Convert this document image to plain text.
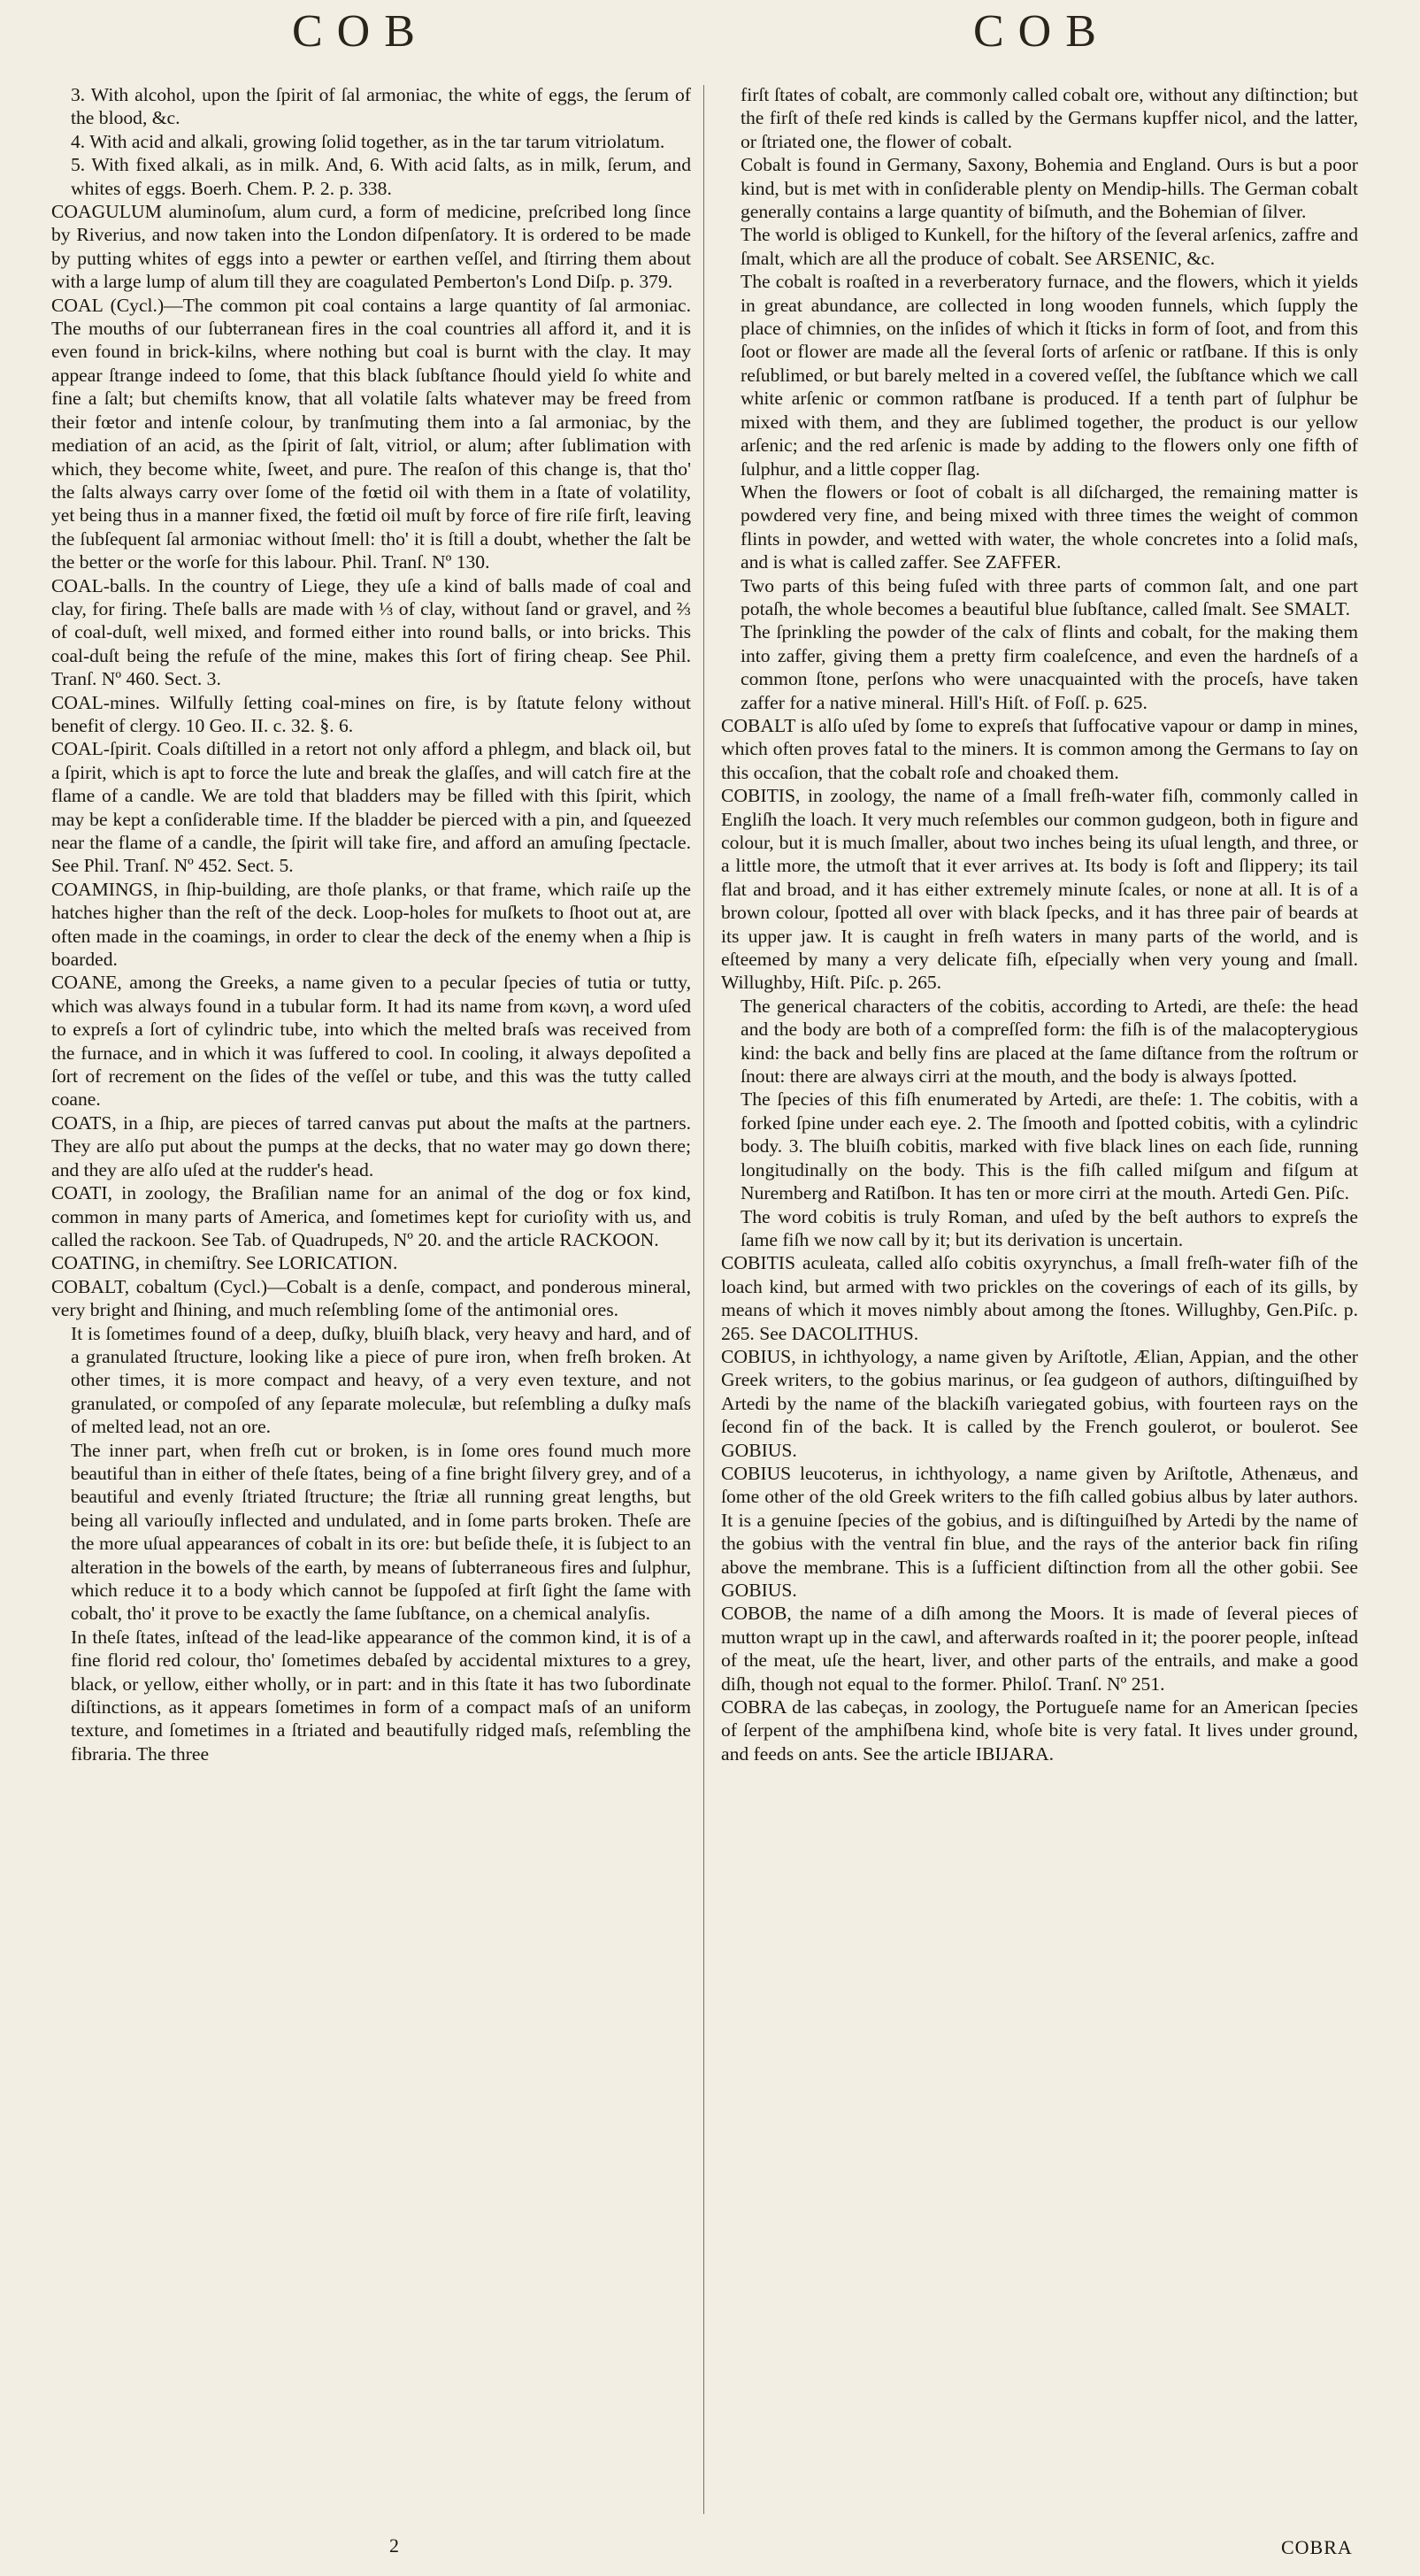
COB	COB

3. With alcohol, upon the ſpirit of ſal armoniac, the white of eggs, the ſerum of the blood, &c.

4. With acid and alkali, growing ſolid together, as in the tar tarum vitriolatum.

5. With fixed alkali, as in milk. And, 6. With acid ſalts, as in milk, ſerum, and whites of eggs. Boerh. Chem. P. 2. p. 338.

COAGULUM aluminoſum, alum curd, a form of medicine, preſcribed long ſince by Riverius, and now taken into the London diſpenſatory. It is ordered to be made by putting whites of eggs into a pewter or earthen veſſel, and ſtirring them about with a large lump of alum till they are coagulated Pemberton's Lond Diſp. p. 379.

COAL (Cycl.)—The common pit coal contains a large quantity of ſal armoniac. The mouths of our ſubterranean fires in the coal countries all afford it, and it is even found in brick-kilns, where nothing but coal is burnt with the clay. It may appear ſtrange indeed to ſome, that this black ſubſtance ſhould yield ſo white and fine a ſalt; but chemiſts know, that all volatile ſalts whatever may be freed from their fœtor and intenſe colour, by tranſmuting them into a ſal armoniac, by the mediation of an acid, as the ſpirit of ſalt, vitriol, or alum; after ſublimation with which, they become white, ſweet, and pure. The reaſon of this change is, that tho' the ſalts always carry over ſome of the fœtid oil with them in a ſtate of volatility, yet being thus in a manner fixed, the fœtid oil muſt by force of fire riſe firſt, leaving the ſubſequent ſal armoniac without ſmell: tho' it is ſtill a doubt, whether the ſalt be the better or the worſe for this labour. Phil. Tranſ. Nº 130.

COAL-balls. In the country of Liege, they uſe a kind of balls made of coal and clay, for firing. Theſe balls are made with ⅓ of clay, without ſand or gravel, and ⅔ of coal-duſt, well mixed, and formed either into round balls, or into bricks. This coal-duſt being the refuſe of the mine, makes this ſort of firing cheap. See Phil. Tranſ. Nº 460. Sect. 3.

COAL-mines. Wilfully ſetting coal-mines on fire, is by ſtatute felony without benefit of clergy. 10 Geo. II. c. 32. §. 6.

COAL-ſpirit. Coals diſtilled in a retort not only afford a phlegm, and black oil, but a ſpirit, which is apt to force the lute and break the glaſſes, and will catch fire at the flame of a candle. We are told that bladders may be filled with this ſpirit, which may be kept a conſiderable time. If the bladder be pierced with a pin, and ſqueezed near the flame of a candle, the ſpirit will take fire, and afford an amuſing ſpectacle. See Phil. Tranſ. Nº 452. Sect. 5.

COAMINGS, in ſhip-building, are thoſe planks, or that frame, which raiſe up the hatches higher than the reſt of the deck. Loop-holes for muſkets to ſhoot out at, are often made in the coamings, in order to clear the deck of the enemy when a ſhip is boarded.

COANE, among the Greeks, a name given to a pecular ſpecies of tutia or tutty, which was always found in a tubular form. It had its name from κωνη, a word uſed to expreſs a ſort of cylindric tube, into which the melted braſs was received from the furnace, and in which it was ſuffered to cool. In cooling, it always depoſited a ſort of recrement on the ſides of the veſſel or tube, and this was the tutty called coane.

COATS, in a ſhip, are pieces of tarred canvas put about the maſts at the partners. They are alſo put about the pumps at the decks, that no water may go down there; and they are alſo uſed at the rudder's head.

COATI, in zoology, the Braſilian name for an animal of the dog or fox kind, common in many parts of America, and ſometimes kept for curioſity with us, and called the rackoon. See Tab. of Quadrupeds, Nº 20. and the article RACKOON.

COATING, in chemiſtry. See LORICATION.

COBALT, cobaltum (Cycl.)—Cobalt is a denſe, compact, and ponderous mineral, very bright and ſhining, and much reſembling ſome of the antimonial ores.

It is ſometimes found of a deep, duſky, bluiſh black, very heavy and hard, and of a granulated ſtructure, looking like a piece of pure iron, when freſh broken. At other times, it is more compact and heavy, of a very even texture, and not granulated, or compoſed of any ſeparate moleculæ, but reſembling a duſky maſs of melted lead, not an ore.

The inner part, when freſh cut or broken, is in ſome ores found much more beautiful than in either of theſe ſtates, being of a fine bright ſilvery grey, and of a beautiful and evenly ſtriated ſtructure; the ſtriæ all running great lengths, but being all variouſly inflected and undulated, and in ſome parts broken. Theſe are the more uſual appearances of cobalt in its ore: but beſide theſe, it is ſubject to an alteration in the bowels of the earth, by means of ſubterraneous fires and ſulphur, which reduce it to a body which cannot be ſuppoſed at firſt ſight the ſame with cobalt, tho' it prove to be exactly the ſame ſubſtance, on a chemical analyſis.

In theſe ſtates, inſtead of the lead-like appearance of the common kind, it is of a fine florid red colour, tho' ſometimes debaſed by accidental mixtures to a grey, black, or yellow, either wholly, or in part: and in this ſtate it has two ſubordinate diſtinctions, as it appears ſometimes in form of a compact maſs of an uniform texture, and ſometimes in a ſtriated and beautifully ridged maſs, reſembling the fibraria. The three

firſt ſtates of cobalt, are commonly called cobalt ore, without any diſtinction; but the firſt of theſe red kinds is called by the Germans kupffer nicol, and the latter, or ſtriated one, the flower of cobalt.

Cobalt is found in Germany, Saxony, Bohemia and England. Ours is but a poor kind, but is met with in conſiderable plenty on Mendip-hills. The German cobalt generally contains a large quantity of biſmuth, and the Bohemian of ſilver.

The world is obliged to Kunkell, for the hiſtory of the ſeveral arſenics, zaffre and ſmalt, which are all the produce of cobalt. See ARSENIC, &c.

The cobalt is roaſted in a reverberatory furnace, and the flowers, which it yields in great abundance, are collected in long wooden funnels, which ſupply the place of chimnies, on the inſides of which it ſticks in form of ſoot, and from this ſoot or flower are made all the ſeveral ſorts of arſenic or ratſbane. If this is only reſublimed, or but barely melted in a covered veſſel, the ſubſtance which we call white arſenic or common ratſbane is produced. If a tenth part of ſulphur be mixed with them, and they are ſublimed together, the product is our yellow arſenic; and the red arſenic is made by adding to the flowers only one fifth of ſulphur, and a little copper ſlag.

When the flowers or ſoot of cobalt is all diſcharged, the remaining matter is powdered very fine, and being mixed with three times the weight of common flints in powder, and wetted with water, the whole concretes into a ſolid maſs, and is what is called zaffer. See ZAFFER.

Two parts of this being fuſed with three parts of common ſalt, and one part potaſh, the whole becomes a beautiful blue ſubſtance, called ſmalt. See SMALT.

The ſprinkling the powder of the calx of flints and cobalt, for the making them into zaffer, giving them a pretty firm coaleſcence, and even the hardneſs of a common ſtone, perſons who were unacquainted with the proceſs, have taken zaffer for a native mineral. Hill's Hiſt. of Foſſ. p. 625.

COBALT is alſo uſed by ſome to expreſs that ſuffocative vapour or damp in mines, which often proves fatal to the miners. It is common among the Germans to ſay on this occaſion, that the cobalt roſe and choaked them.

COBITIS, in zoology, the name of a ſmall freſh-water fiſh, commonly called in Engliſh the loach. It very much reſembles our common gudgeon, both in figure and colour, but it is much ſmaller, about two inches being its uſual length, and three, or a little more, the utmoſt that it ever arrives at. Its body is ſoft and ſlippery; its tail flat and broad, and it has either extremely minute ſcales, or none at all. It is of a brown colour, ſpotted all over with black ſpecks, and it has three pair of beards at its upper jaw. It is caught in freſh waters in many parts of the world, and is eſteemed by many a very delicate fiſh, eſpecially when very young and ſmall. Willughby, Hiſt. Piſc. p. 265.

The generical characters of the cobitis, according to Artedi, are theſe: the head and the body are both of a compreſſed form: the fiſh is of the malacopterygious kind: the back and belly fins are placed at the ſame diſtance from the roſtrum or ſnout: there are always cirri at the mouth, and the body is always ſpotted.

The ſpecies of this fiſh enumerated by Artedi, are theſe: 1. The cobitis, with a forked ſpine under each eye. 2. The ſmooth and ſpotted cobitis, with a cylindric body. 3. The bluiſh cobitis, marked with five black lines on each ſide, running longitudinally on the body. This is the fiſh called miſgum and fiſgum at Nuremberg and Ratiſbon. It has ten or more cirri at the mouth. Artedi Gen. Piſc.

The word cobitis is truly Roman, and uſed by the beſt authors to expreſs the ſame fiſh we now call by it; but its derivation is uncertain.

COBITIS aculeata, called alſo cobitis oxyrynchus, a ſmall freſh-water fiſh of the loach kind, but armed with two prickles on the coverings of each of its gills, by means of which it moves nimbly about among the ſtones. Willughby, Gen.Piſc. p. 265. See DACOLITHUS.

COBIUS, in ichthyology, a name given by Ariſtotle, Ælian, Appian, and the other Greek writers, to the gobius marinus, or ſea gudgeon of authors, diſtinguiſhed by Artedi by the name of the blackiſh variegated gobius, with fourteen rays on the ſecond fin of the back. It is called by the French goulerot, or boulerot. See GOBIUS.

COBIUS leucoterus, in ichthyology, a name given by Ariſtotle, Athenæus, and ſome other of the old Greek writers to the fiſh called gobius albus by later authors. It is a genuine ſpecies of the gobius, and is diſtinguiſhed by Artedi by the name of the gobius with the ventral fin blue, and the rays of the anterior back fin riſing above the membrane. This is a ſufficient diſtinction from all the other gobii. See GOBIUS.

COBOB, the name of a diſh among the Moors. It is made of ſeveral pieces of mutton wrapt up in the cawl, and afterwards roaſted in it; the poorer people, inſtead of the meat, uſe the heart, liver, and other parts of the entrails, and make a good diſh, though not equal to the former. Philoſ. Tranſ. Nº 251.

COBRA de las cabeças, in zoology, the Portugueſe name for an American ſpecies of ſerpent of the amphiſbena kind, whoſe bite is very fatal. It lives under ground, and feeds on ants. See the article IBIJARA.

2	COBRA
